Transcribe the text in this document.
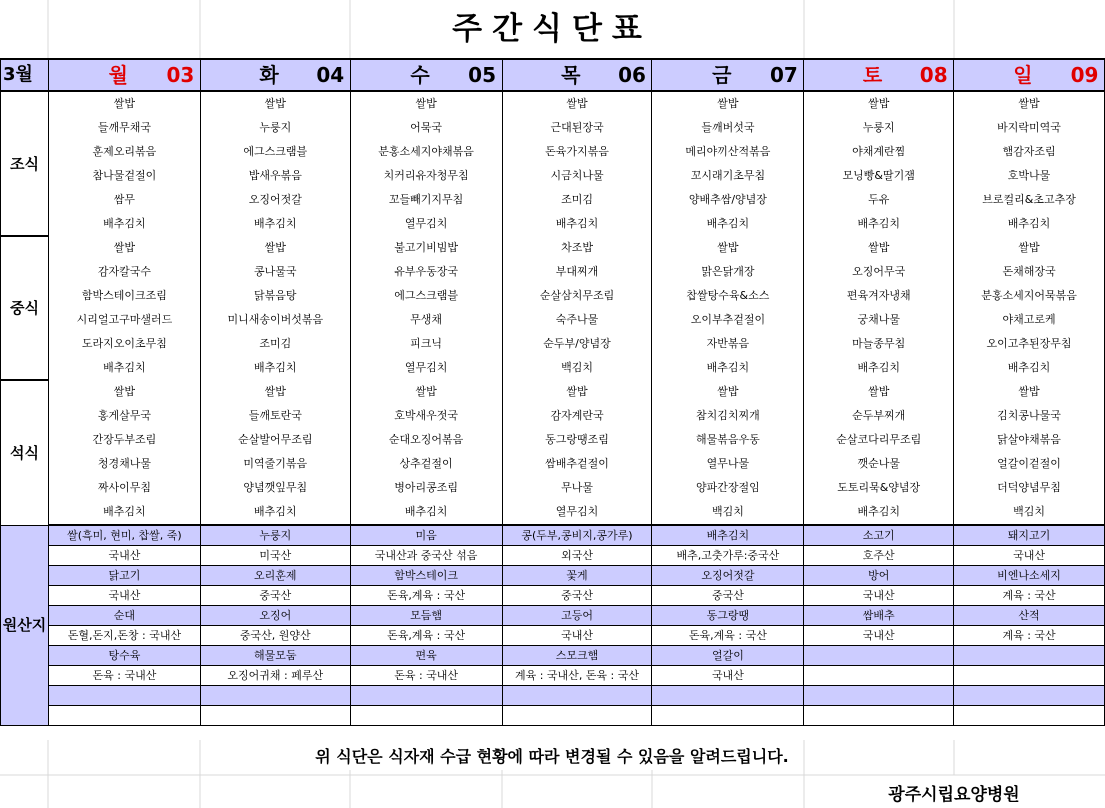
주간식단표
3월	월 03	화 04	수 05	목 06	금 07	토 08	일 09
조식	쌀밥	쌀밥	쌀밥	쌀밥	쌀밥	쌀밥	쌀밥
	들깨무채국	누룽지	어묵국	근대된장국	들깨버섯국	누룽지	바지락미역국
	훈제오리볶음	에그스크램블	분홍소세지야채볶음	돈육가지볶음	메리야끼산적볶음	야채계란찜	햄감자조림
	참나물겉절이	밥새우볶음	치커리유자청무침	시금치나물	꼬시래기초무침	모닝빵&딸기잼	호박나물
	쌈무	오징어젓갈	꼬들빼기지무침	조미김	양배추쌈/양념장	두유	브로컬리&초고추장
	배추김치	배추김치	열무김치	배추김치	배추김치	배추김치	배추김치
중식	쌀밥	쌀밥	불고기비빔밥	차조밥	쌀밥	쌀밥	쌀밥
	감자칼국수	콩나물국	유부우동장국	부대찌개	맑은닭개장	오징어무국	돈채해장국
	함박스테이크조림	닭볶음탕	에그스크램블	순살삼치무조림	찹쌀탕수육&소스	편육겨자냉채	분홍소세지어묵볶음
	시리얼고구마샐러드	미니새송이버섯볶음	무생채	숙주나물	오이부추겉절이	궁채나물	야채고로케
	도라지오이초무침	조미김	피크닉	순두부/양념장	자반볶음	마늘종무침	오이고추된장무침
	배추김치	배추김치	열무김치	백김치	배추김치	배추김치	배추김치
석식	쌀밥	쌀밥	쌀밥	쌀밥	쌀밥	쌀밥	쌀밥
	홍게살무국	들깨토란국	호박새우젓국	감자계란국	참치김치찌개	순두부찌개	김치콩나물국
	간장두부조림	순살발어무조림	순대오징어볶음	동그랑땡조림	해물볶음우동	순살코다리무조림	닭살야채볶음
	청경채나물	미역줄기볶음	상추겉절이	쌈배추겉절이	열무나물	깻순나물	얼갈이겉절이
	짜사이무침	양념깻잎무침	병아리콩조림	무나물	양파간장절임	도토리묵&양념장	더덕양념무침
	배추김치	배추김치	배추김치	열무김치	백김치	배추김치	백김치
원산지	쌀(흑미, 현미, 찹쌀, 죽)	누룽지	미음	콩(두부,콩비지,콩가루)	배추김치	소고기	돼지고기
	국내산	미국산	국내산과 중국산 섞음	외국산	배추,고춧가루:중국산	호주산	국내산
	닭고기	오리훈제	함박스테이크	꽃게	오징어젓갈	방어	비엔나소세지
	국내산	중국산	돈육,계육 : 국산	중국산	중국산	국내산	계육 : 국산
	순대	오징어	모듬햄	고등어	동그랑땡	쌈배추	산적
	돈혈,돈지,돈창 : 국내산	중국산, 원양산	돈육,계육 : 국산	국내산	돈육,계육 : 국산	국내산	계육 : 국산
	탕수육	해물모둠	편육	스모크햄	얼갈이		
	돈육 : 국내산	오징어귀채 : 페루산	돈육 : 국내산	계육 : 국내산, 돈육 : 국산	국내산		

위 식단은 식자재 수급 현황에 따라 변경될 수 있음을 알려드립니다.
광주시립요양병원
